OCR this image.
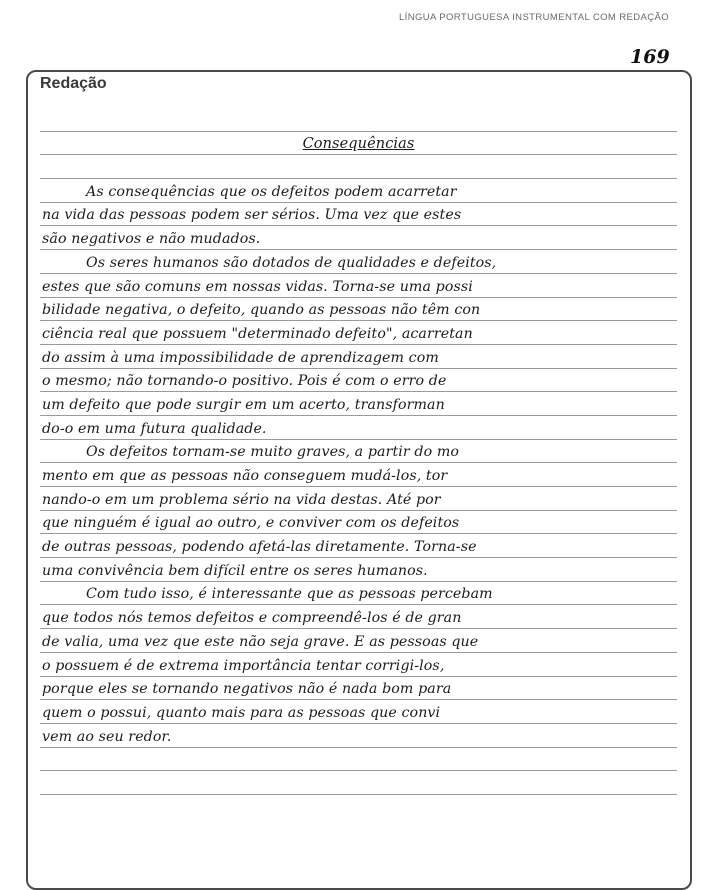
LÍNGUA PORTUGUESA INSTRUMENTAL COM REDAÇÃO
169
Redação
Consequências
As consequências que os defeitos podem acarretar
na vida das pessoas podem ser sérios. Uma vez que estes
são negativos e não mudados.
Os seres humanos são dotados de qualidades e defeitos,
estes que são comuns em nossas vidas. Torna-se uma possi
bilidade negativa, o defeito, quando as pessoas não têm con
ciência real que possuem "determinado defeito", acarretan
do assim à uma impossibilidade de aprendizagem com
o mesmo; não tornando-o positivo. Pois é com o erro de
um defeito que pode surgir em um acerto, transforman
do-o em uma futura qualidade.
Os defeitos tornam-se muito graves, a partir do mo
mento em que as pessoas não conseguem mudá-los, tor
nando-o em um problema sério na vida destas. Até por
que ninguém é igual ao outro, e conviver com os defeitos
de outras pessoas, podendo afetá-las diretamente. Torna-se
uma convivência bem difícil entre os seres humanos.
Com tudo isso, é interessante que as pessoas percebam
que todos nós temos defeitos e compreendê-los é de gran
de valia, uma vez que este não seja grave. E as pessoas que
o possuem é de extrema importância tentar corrigi-los,
porque eles se tornando negativos não é nada bom para
quem o possui, quanto mais para as pessoas que convi
vem ao seu redor.
